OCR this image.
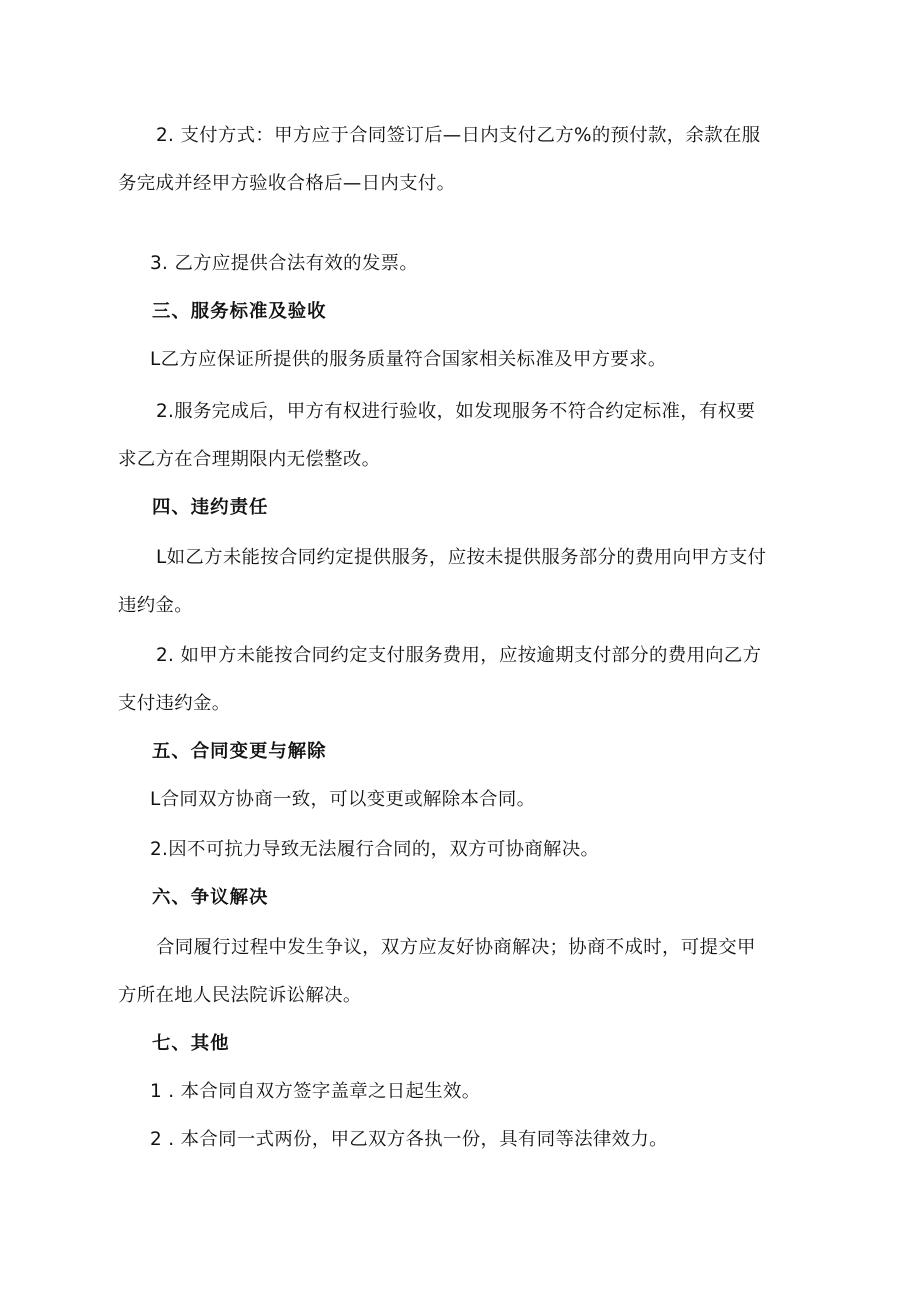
2. 支付方式：甲方应于合同签订后—日内支付乙方%的预付款，余款在服
务完成并经甲方验收合格后—日内支付。
3. 乙方应提供合法有效的发票。
三、服务标准及验收
L乙方应保证所提供的服务质量符合国家相关标准及甲方要求。
2.服务完成后，甲方有权进行验收，如发现服务不符合约定标准，有权要
求乙方在合理期限内无偿整改。
四、违约责任
L如乙方未能按合同约定提供服务，应按未提供服务部分的费用向甲方支付
违约金。
2. 如甲方未能按合同约定支付服务费用，应按逾期支付部分的费用向乙方
支付违约金。
五、合同变更与解除
L合同双方协商一致，可以变更或解除本合同。
2.因不可抗力导致无法履行合同的，双方可协商解决。
六、争议解决
合同履行过程中发生争议，双方应友好协商解决；协商不成时，可提交甲
方所在地人民法院诉讼解决。
七、其他
1 . 本合同自双方签字盖章之日起生效。
2 . 本合同一式两份，甲乙双方各执一份，具有同等法律效力。
